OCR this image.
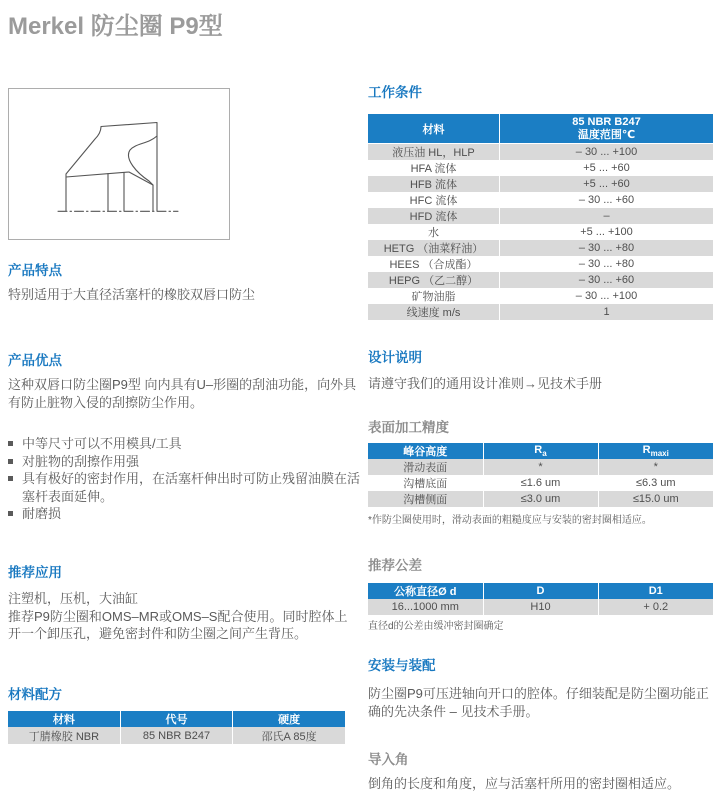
Merkel 防尘圈 P9型
产品特点
特别适用于大直径活塞杆的橡胶双唇口防尘
产品优点
这种双唇口防尘圈P9型 向内具有U–形圈的刮油功能，向外具有防止脏物入侵的刮擦防尘作用。
中等尺寸可以不用模具/工具
对脏物的刮擦作用强
具有极好的密封作用，在活塞杆伸出时可防止残留油膜在活塞杆表面延伸。
耐磨损
推荐应用
注塑机，压机，大油缸
推荐P9防尘圈和OMS–MR或OMS–S配合使用。同时腔体上开一个卸压孔，避免密封件和防尘圈之间产生背压。
材料配方
材料	代号	硬度
丁腈橡胶 NBR	85 NBR B247	邵氏A 85度
工作条件
材料	85 NBR B247
温度范围℃

液压油 HL，HLP	– 30 ... +100
HFA 流体	+5 ... +60
HFB 流体	+5 ... +60
HFC 流体	– 30 ... +60
HFD 流体	–
水	+5 ... +100
HETG （油菜籽油）	– 30 ... +80
HEES （合成酯）	– 30 ... +80
HEPG （乙二醇）	– 30 ... +60
矿物油脂	– 30 ... +100
线速度 m/s	1
设计说明
请遵守我们的通用设计准则→见技术手册
表面加工精度
峰谷高度	$R_a$	$R_{maxi}$
滑动表面	*	*
沟槽底面	≤1.6 um	≤6.3 um
沟槽侧面	≤3.0 um	≤15.0 um
*作防尘圈使用时，滑动表面的粗糙度应与安装的密封圈相适应。
推荐公差
公称直径Ø d	D	D1
16...1000 mm	H10	+ 0.2
直径d的公差由缓冲密封圈确定
安装与装配
防尘圈P9可压进轴向开口的腔体。仔细装配是防尘圈功能正确的先决条件 – 见技术手册。
导入角
倒角的长度和角度，应与活塞杆所用的密封圈相适应。
